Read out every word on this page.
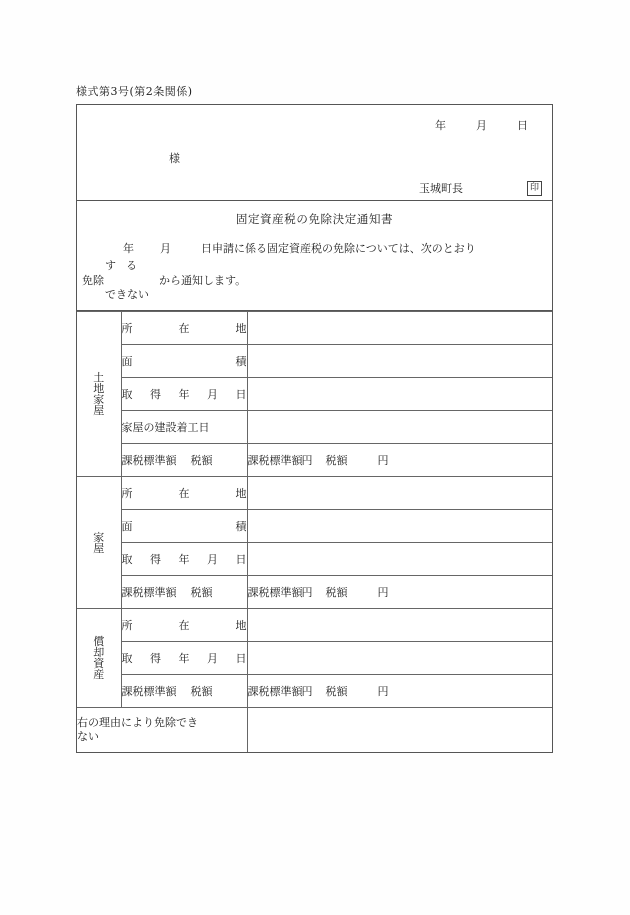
様式第3号(第2条関係)
年	月	日
様
玉城町長	印
固定資産税の免除決定通知書
年 月	日申請に係る固定資産税の免除については、次のとおり
免除
す る
できない
から通知します。
土
地
家
屋	所 在 地	

	面 積	

	取 得 年 月 日	

	家屋の建設着工日	

	課税標準額 税額	課税標準額円 税額 円

家
屋	所 在 地	

	面 積	

	取 得 年 月 日	

	課税標準額 税額	課税標準額円 税額 円

償
却
資
産	所 在 地	

	取 得 年 月 日	

	課税標準額 税額	課税標準額円 税額 円

右の理由により免除でき
ない		
